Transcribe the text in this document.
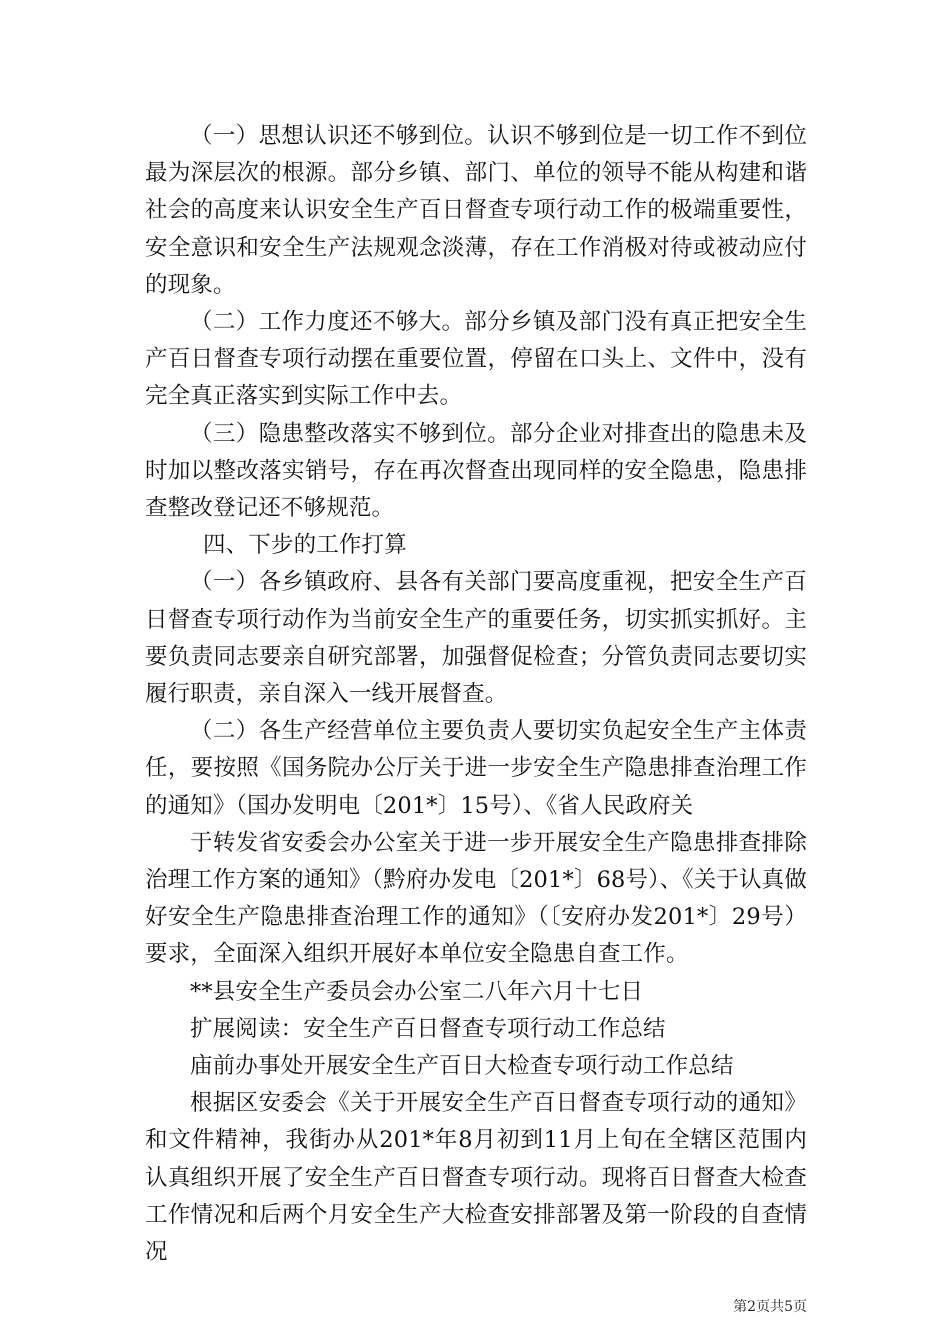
（一）思想认识还不够到位。认识不够到位是一切工作不到位最为深层次的根源。部分乡镇、部门、单位的领导不能从构建和谐社会的高度来认识安全生产百日督查专项行动工作的极端重要性，安全意识和安全生产法规观念淡薄，存在工作消极对待或被动应付的现象。

（二）工作力度还不够大。部分乡镇及部门没有真正把安全生产百日督查专项行动摆在重要位置，停留在口头上、文件中，没有完全真正落实到实际工作中去。

（三）隐患整改落实不够到位。部分企业对排查出的隐患未及时加以整改落实销号，存在再次督查出现同样的安全隐患，隐患排查整改登记还不够规范。

四、下步的工作打算

（一）各乡镇政府、县各有关部门要高度重视，把安全生产百日督查专项行动作为当前安全生产的重要任务，切实抓实抓好。主要负责同志要亲自研究部署，加强督促检查；分管负责同志要切实履行职责，亲自深入一线开展督查。

（二）各生产经营单位主要负责人要切实负起安全生产主体责任，要按照《国务院办公厅关于进一步安全生产隐患排查治理工作的通知》（国办发明电〔201*〕15号）、《省人民政府关

于转发省安委会办公室关于进一步开展安全生产隐患排查排除治理工作方案的通知》（黔府办发电〔201*〕68号）、《关于认真做好安全生产隐患排查治理工作的通知》（〔安府办发201*〕29号）要求，全面深入组织开展好本单位安全隐患自查工作。

**县安全生产委员会办公室二八年六月十七日

扩展阅读：安全生产百日督查专项行动工作总结

庙前办事处开展安全生产百日大检查专项行动工作总结

根据区安委会《关于开展安全生产百日督查专项行动的通知》和文件精神，我街办从201*年8月初到11月上旬在全辖区范围内认真组织开展了安全生产百日督查专项行动。现将百日督查大检查工作情况和后两个月安全生产大检查安排部署及第一阶段的自查情况

第2页共5页
